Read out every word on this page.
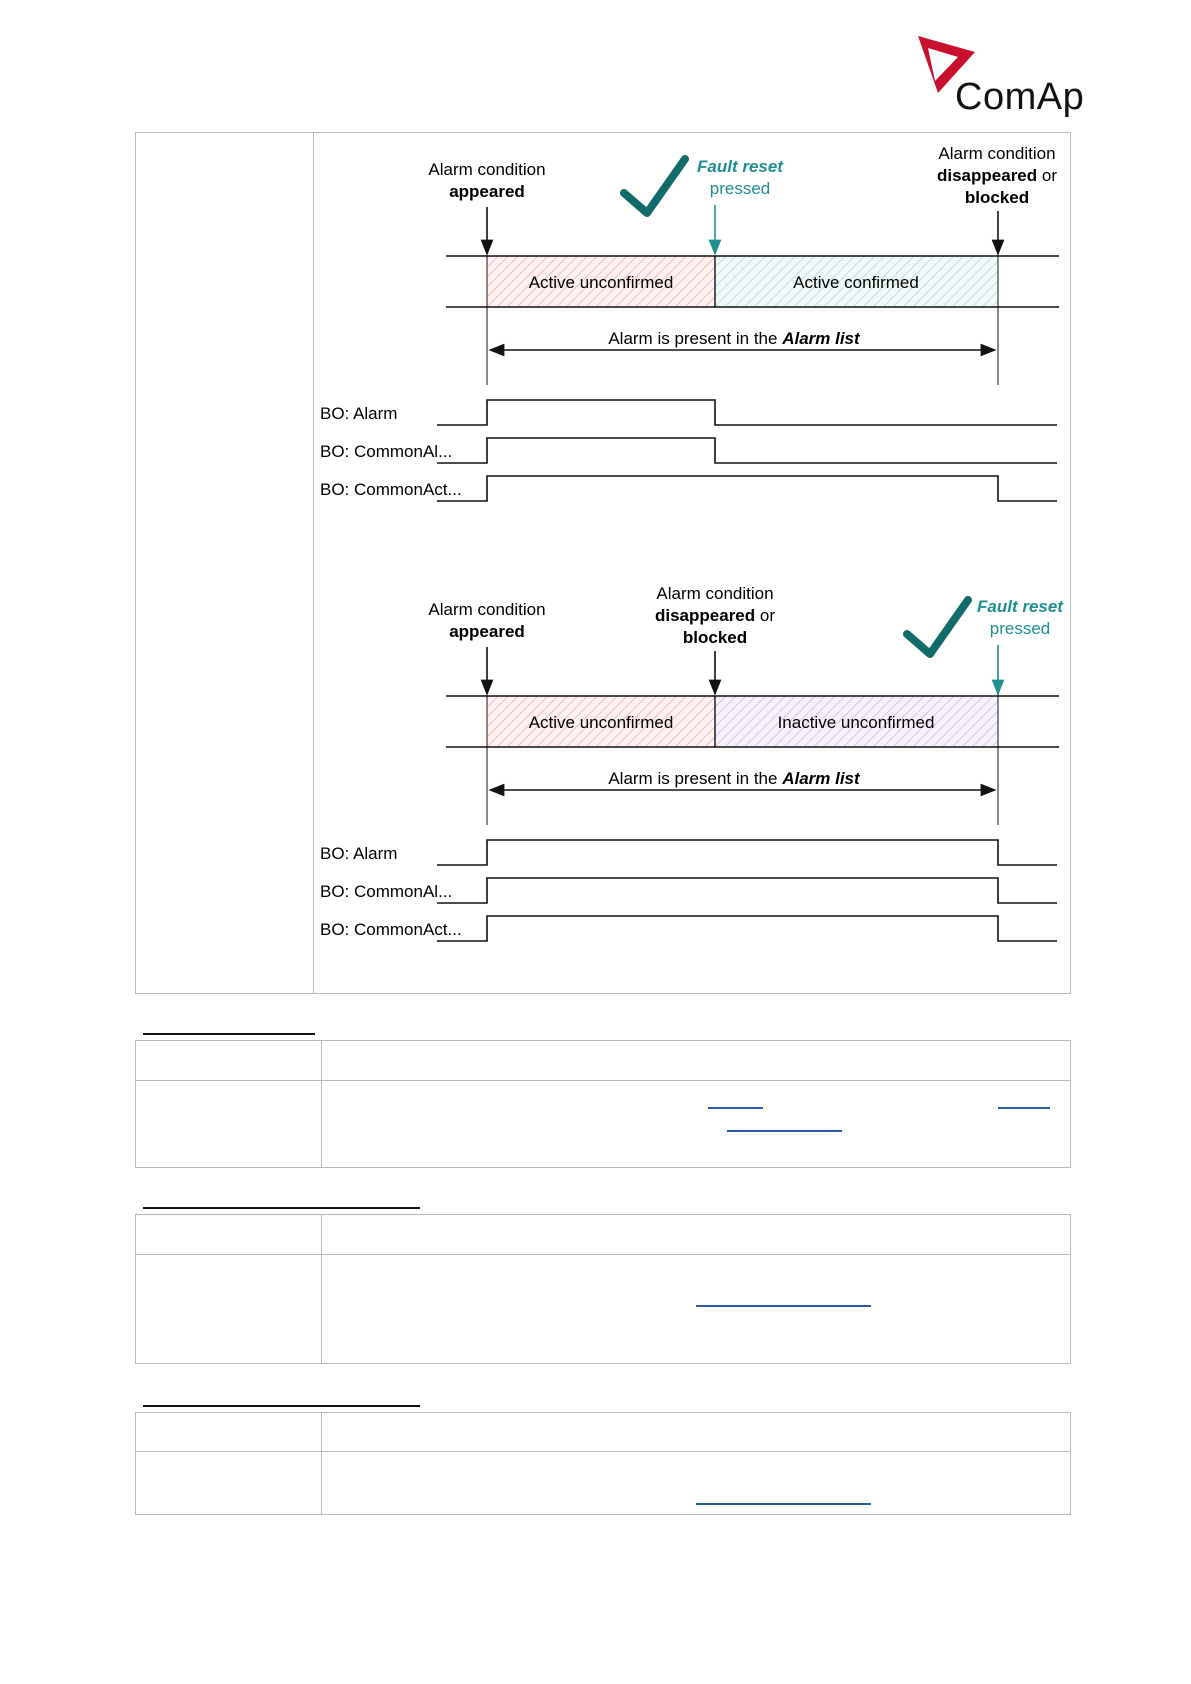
ComAp
Alarm condition
appeared
Fault reset
pressed
Alarm condition
disappeared or
blocked
Active unconfirmed	Active confirmed
Alarm is present in the Alarm list
BO: Alarm
BO: CommonAl...
BO: CommonAct...
Alarm condition
appeared
Alarm condition
disappeared or
blocked
Fault reset
pressed
Active unconfirmed	Inactive unconfirmed
Alarm is present in the Alarm list
BO: Alarm
BO: CommonAl...
BO: CommonAct...
